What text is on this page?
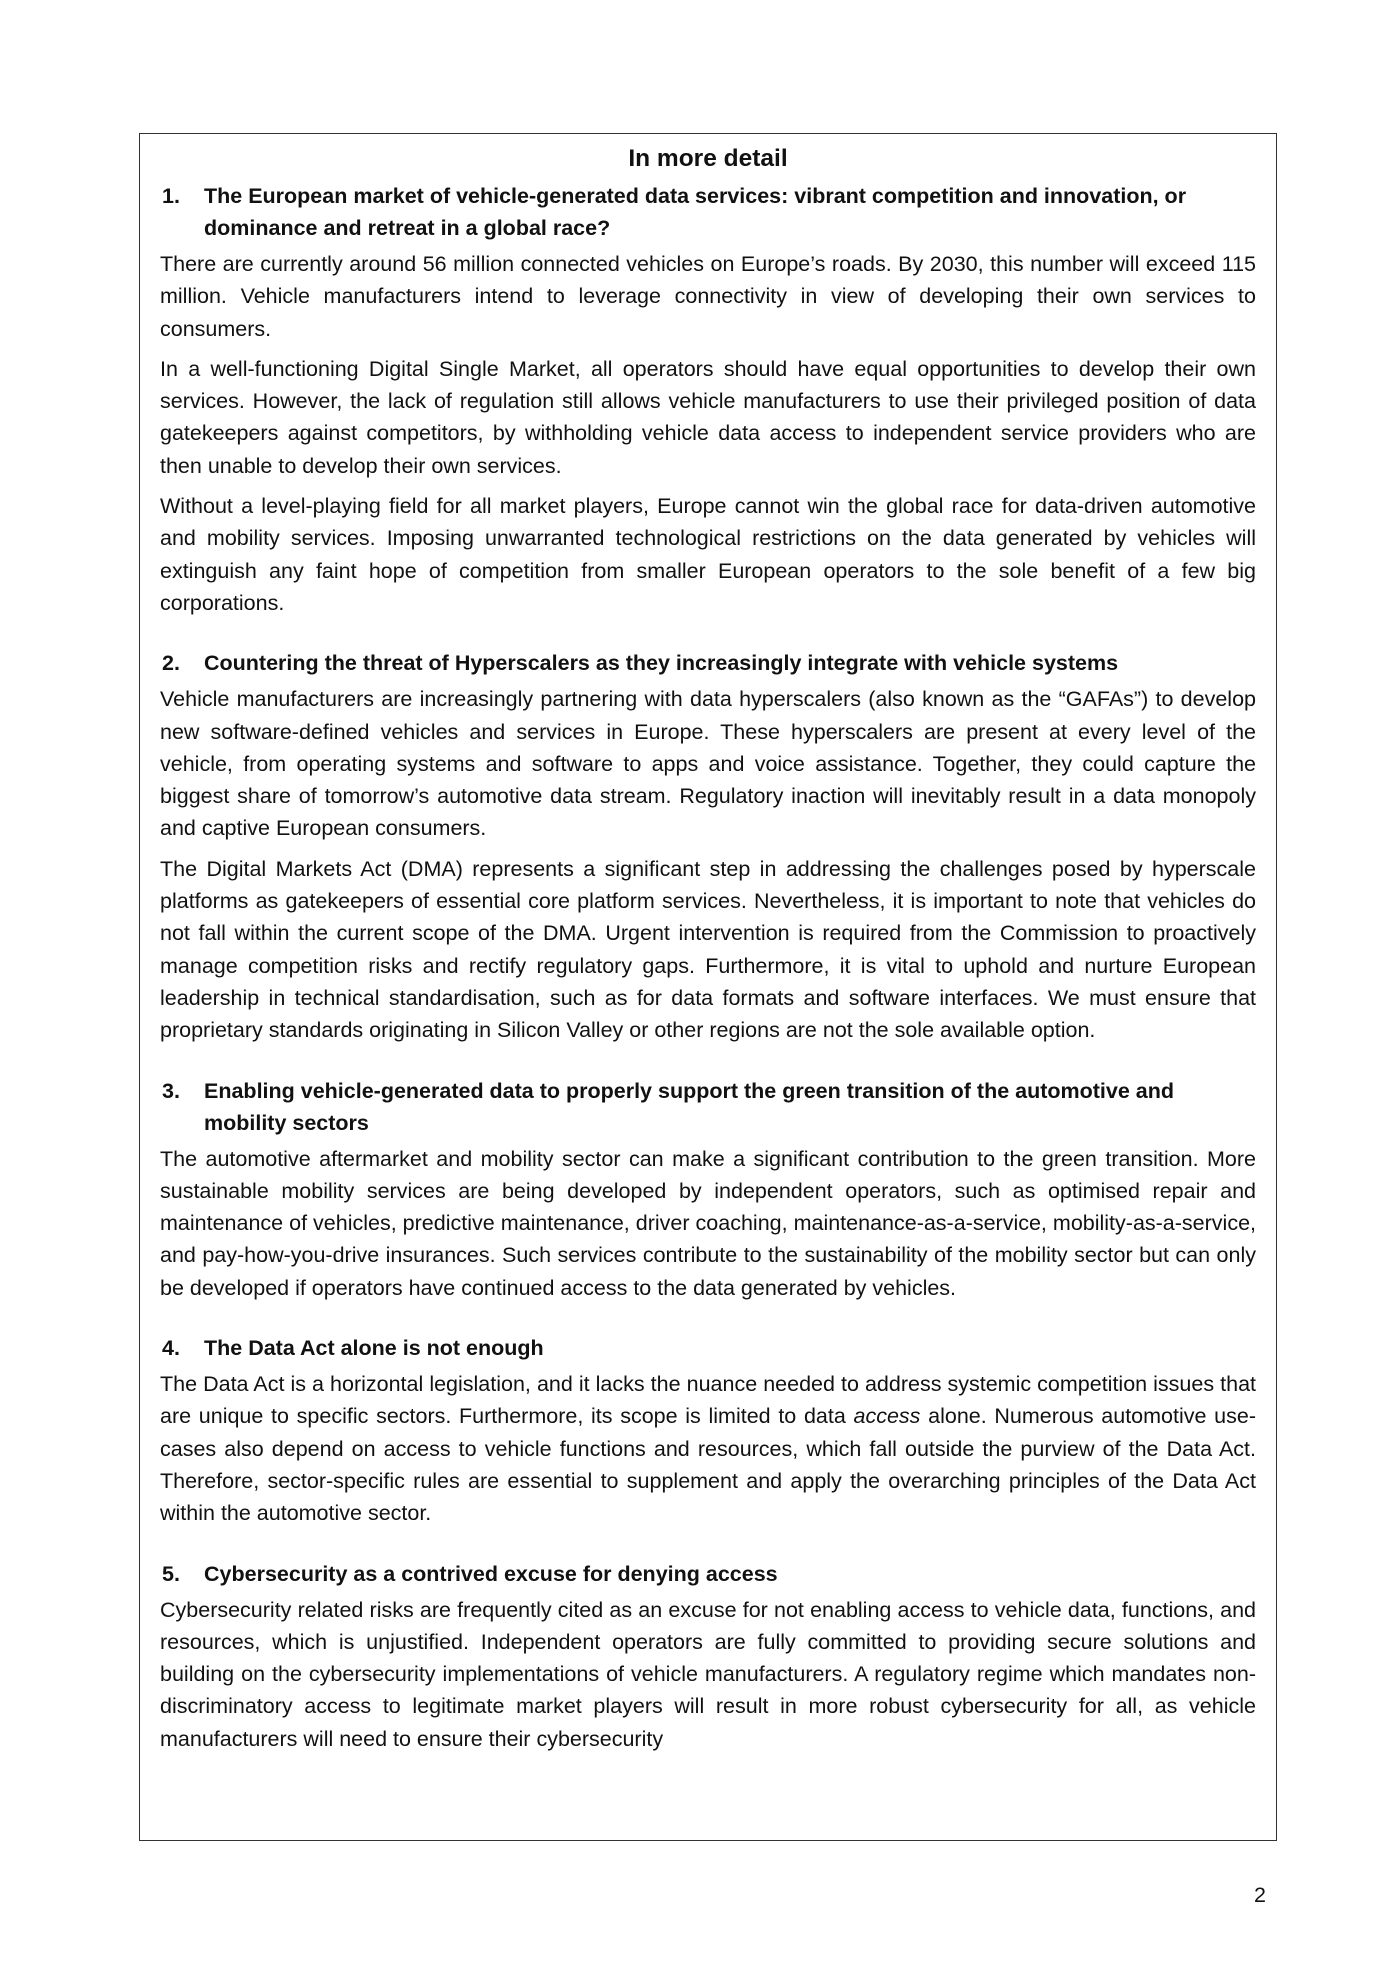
In more detail
1.	The European market of vehicle-generated data services: vibrant competition and innovation, or dominance and retreat in a global race?

There are currently around 56 million connected vehicles on Europe’s roads. By 2030, this number will exceed 115 million. Vehicle manufacturers intend to leverage connectivity in view of developing their own services to consumers.

In a well-functioning Digital Single Market, all operators should have equal opportunities to develop their own services. However, the lack of regulation still allows vehicle manufacturers to use their privileged position of data gatekeepers against competitors, by withholding vehicle data access to independent service providers who are then unable to develop their own services.

Without a level-playing field for all market players, Europe cannot win the global race for data-driven automotive and mobility services. Imposing unwarranted technological restrictions on the data generated by vehicles will extinguish any faint hope of competition from smaller European operators to the sole benefit of a few big corporations.

2.	Countering the threat of Hyperscalers as they increasingly integrate with vehicle systems

Vehicle manufacturers are increasingly partnering with data hyperscalers (also known as the “GAFAs”) to develop new software-defined vehicles and services in Europe. These hyperscalers are present at every level of the vehicle, from operating systems and software to apps and voice assistance. Together, they could capture the biggest share of tomorrow’s automotive data stream. Regulatory inaction will inevitably result in a data monopoly and captive European consumers.

The Digital Markets Act (DMA) represents a significant step in addressing the challenges posed by hyperscale platforms as gatekeepers of essential core platform services. Nevertheless, it is important to note that vehicles do not fall within the current scope of the DMA. Urgent intervention is required from the Commission to proactively manage competition risks and rectify regulatory gaps. Furthermore, it is vital to uphold and nurture European leadership in technical standardisation, such as for data formats and software interfaces. We must ensure that proprietary standards originating in Silicon Valley or other regions are not the sole available option.

3.	Enabling vehicle-generated data to properly support the green transition of the automotive and mobility sectors

The automotive aftermarket and mobility sector can make a significant contribution to the green transition. More sustainable mobility services are being developed by independent operators, such as optimised repair and maintenance of vehicles, predictive maintenance, driver coaching, maintenance-as-a-service, mobility-as-a-service, and pay-how-you-drive insurances. Such services contribute to the sustainability of the mobility sector but can only be developed if operators have continued access to the data generated by vehicles.

4.	The Data Act alone is not enough

The Data Act is a horizontal legislation, and it lacks the nuance needed to address systemic competition issues that are unique to specific sectors. Furthermore, its scope is limited to data access alone. Numerous automotive use-cases also depend on access to vehicle functions and resources, which fall outside the purview of the Data Act. Therefore, sector-specific rules are essential to supplement and apply the overarching principles of the Data Act within the automotive sector.

5.	Cybersecurity as a contrived excuse for denying access

Cybersecurity related risks are frequently cited as an excuse for not enabling access to vehicle data, functions, and resources, which is unjustified. Independent operators are fully committed to providing secure solutions and building on the cybersecurity implementations of vehicle manufacturers. A regulatory regime which mandates non-discriminatory access to legitimate market players will result in more robust cybersecurity for all, as vehicle manufacturers will need to ensure their cybersecurity

2
